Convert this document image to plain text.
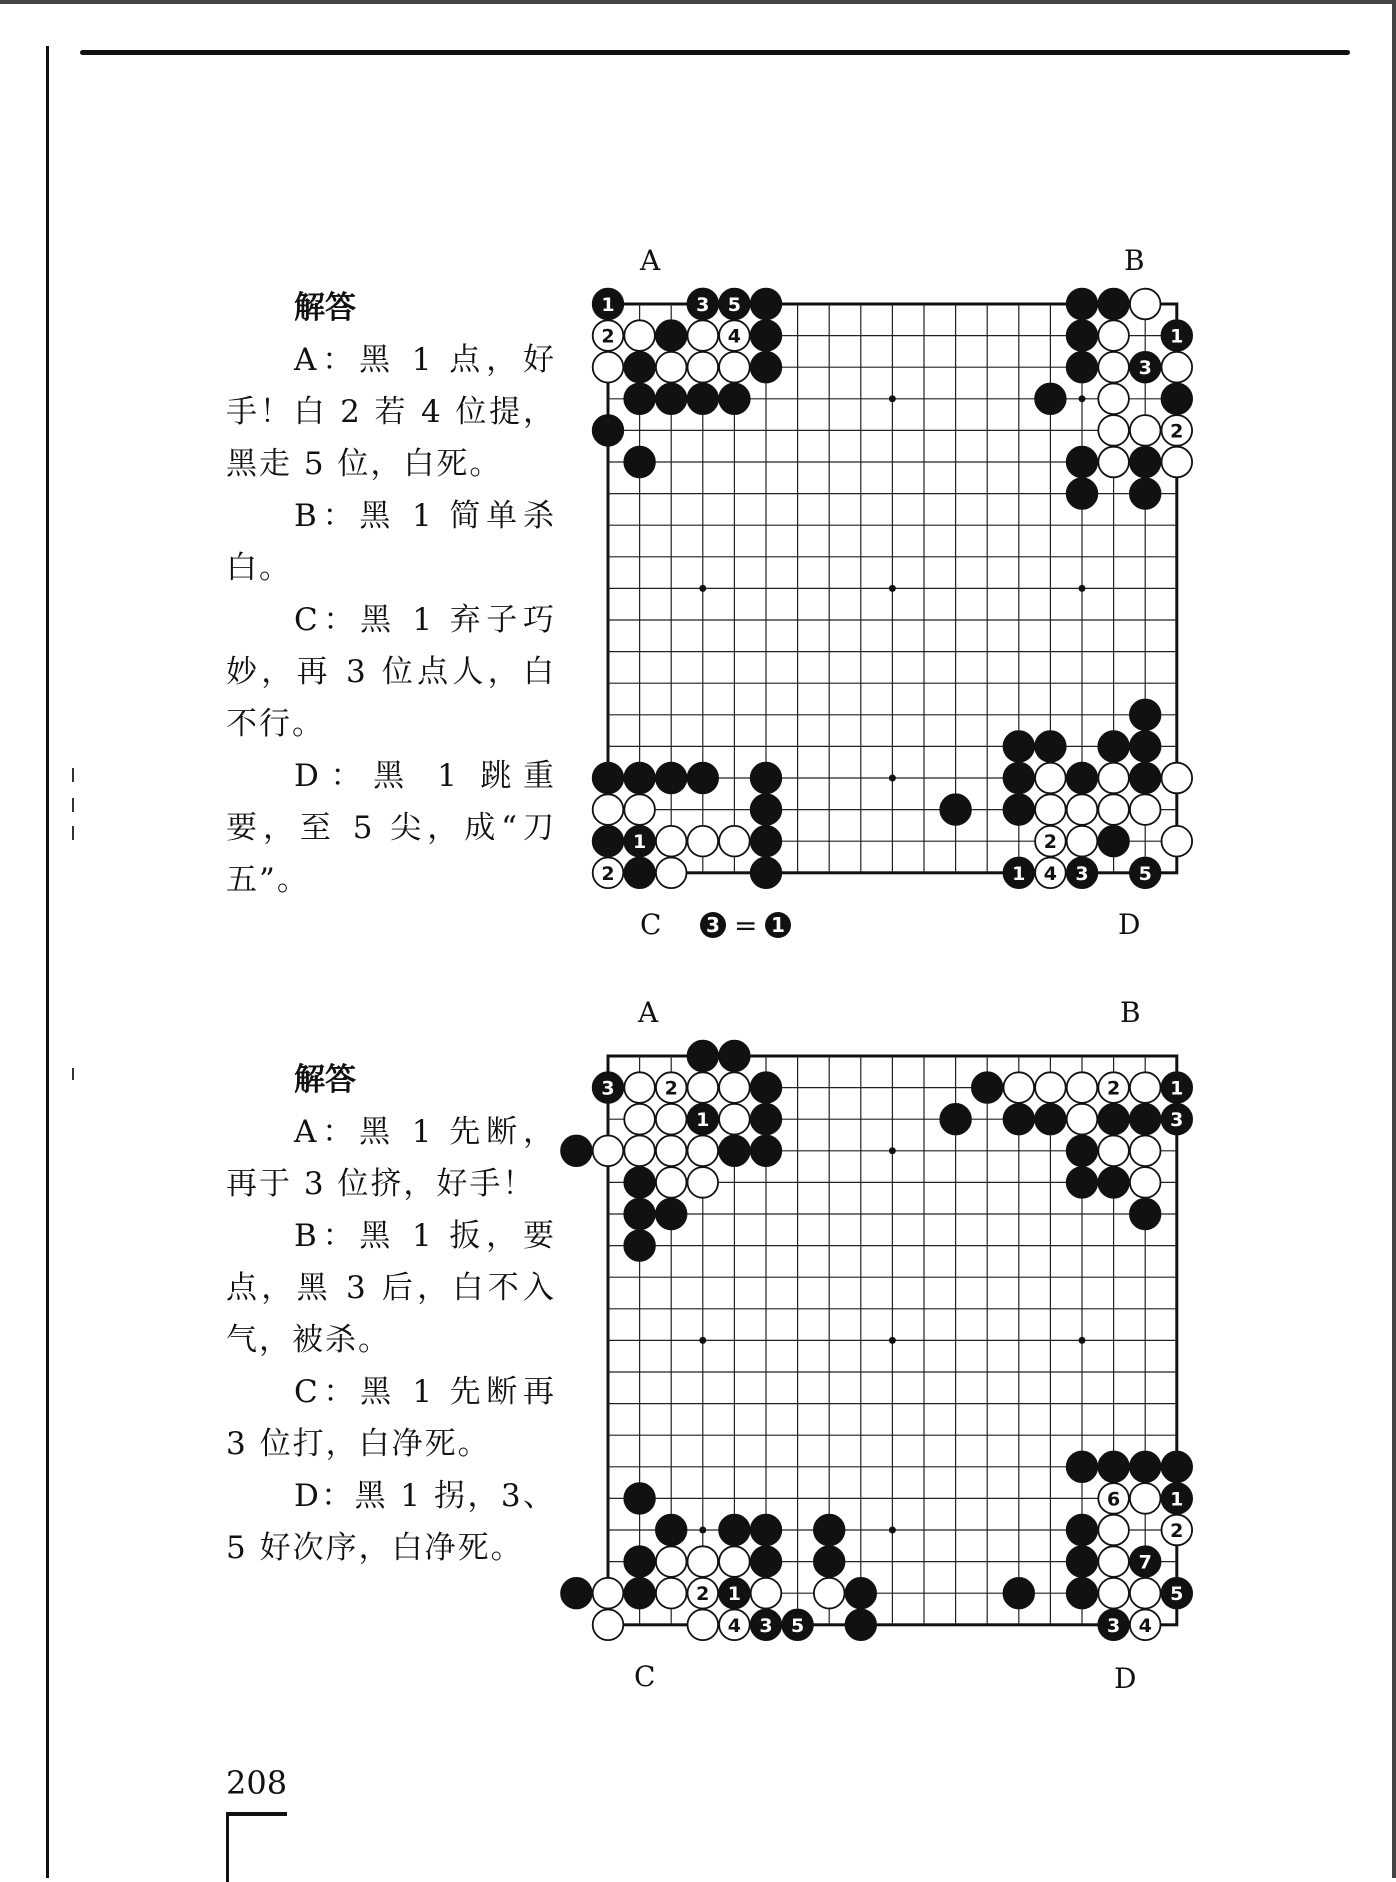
解答

A：黑 1 点，好手！白 2 若 4 位提，黑走 5 位，白死。

B：黑 1 简单杀白。

C：黑 1 弃子巧妙，再 3 位点人，白不行。

D：黑 1 跳重要，至 5 尖，成“刀五”。

A	B
C	D
2	4
2
2
4
2
1	3 5
1
3
1	3	5
1
3 = 1
解答

A：黑 1 先断，再于 3 位挤，好手！

B：黑 1 扳，要点，黑 3 后，白不入气，被杀。

C：黑 1 先断再 3 位打，白净死。

D：黑 1 拐，3、5 好次序，白净死。

A	B
C	D
2	2
6
2
4
2
4
3
1
1
3
1
7
5
3
1
3 5
208
